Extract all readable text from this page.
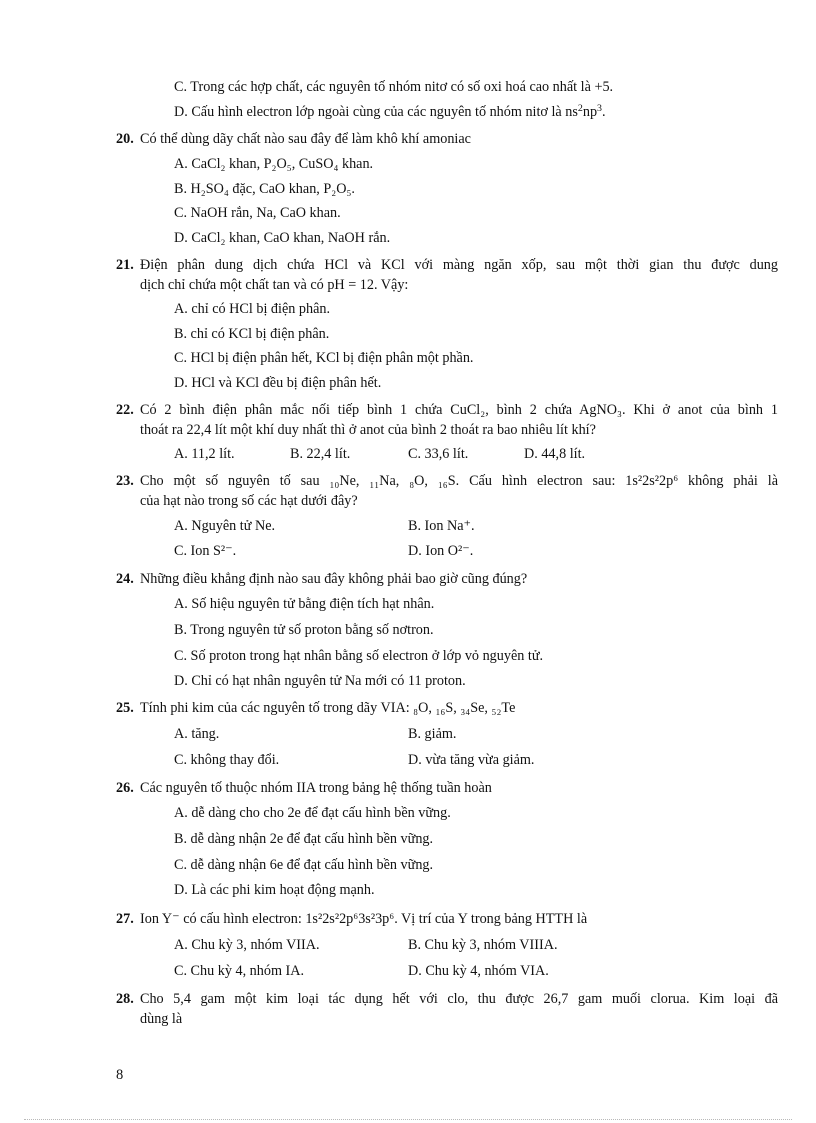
C. Trong các hợp chất, các nguyên tố nhóm nitơ có số oxi hoá cao nhất là +5.
D. Cấu hình electron lớp ngoài cùng của các nguyên tố nhóm nitơ là $ns^2np^3$.
20. Có thể dùng dãy chất nào sau đây để làm khô khí amoniac
A. CaCl₂ khan, P₂O₅, CuSO₄ khan.
B. H₂SO₄ đặc, CaO khan, P₂O₅.
C. NaOH rắn, Na, CaO khan.
D. CaCl₂ khan, CaO khan, NaOH rắn.
21. Điện phân dung dịch chứa HCl và KCl với màng ngăn xốp, sau một thời gian thu được dung
dịch chỉ chứa một chất tan và có pH = 12. Vậy:
A. chỉ có HCl bị điện phân.
B. chỉ có KCl bị điện phân.
C. HCl bị điện phân hết, KCl bị điện phân một phần.
D. HCl và KCl đều bị điện phân hết.
22. Có 2 bình điện phân mắc nối tiếp bình 1 chứa CuCl₂, bình 2 chứa AgNO₃. Khi ở anot của bình 1
thoát ra 22,4 lít một khí duy nhất thì ở anot của bình 2 thoát ra bao nhiêu lít khí?
A. 11,2 lít.	B. 22,4 lít.	C. 33,6 lít.	D. 44,8 lít.
23. Cho một số nguyên tố sau ₁₀Ne, ₁₁Na, ₈O, ₁₆S. Cấu hình electron sau: 1s²2s²2p⁶ không phải là
của hạt nào trong số các hạt dưới đây?
A. Nguyên tử Ne.	B. Ion Na⁺.
C. Ion S²⁻.	D. Ion O²⁻.
24. Những điều khẳng định nào sau đây không phải bao giờ cũng đúng?
A. Số hiệu nguyên tử bằng điện tích hạt nhân.
B. Trong nguyên tử số proton bằng số nơtron.
C. Số proton trong hạt nhân bằng số electron ở lớp vỏ nguyên tử.
D. Chỉ có hạt nhân nguyên tử Na mới có 11 proton.
25. Tính phi kim của các nguyên tố trong dãy VIA: ₈O, ₁₆S, ₃₄Se, ₅₂Te
A. tăng.	B. giảm.
C. không thay đổi.	D. vừa tăng vừa giảm.
26. Các nguyên tố thuộc nhóm IIA trong bảng hệ thống tuần hoàn
A. dễ dàng cho cho 2e để đạt cấu hình bền vững.
B. dễ dàng nhận 2e để đạt cấu hình bền vững.
C. dễ dàng nhận 6e để đạt cấu hình bền vững.
D. Là các phi kim hoạt động mạnh.
27. Ion Y⁻ có cấu hình electron: 1s²2s²2p⁶3s²3p⁶. Vị trí của Y trong bảng HTTH là
A. Chu kỳ 3, nhóm VIIA.	B. Chu kỳ 3, nhóm VIIIA.
C. Chu kỳ 4, nhóm IA.	D. Chu kỳ 4, nhóm VIA.
28. Cho 5,4 gam một kim loại tác dụng hết với clo, thu được 26,7 gam muối clorua. Kim loại đã
dùng là
8
